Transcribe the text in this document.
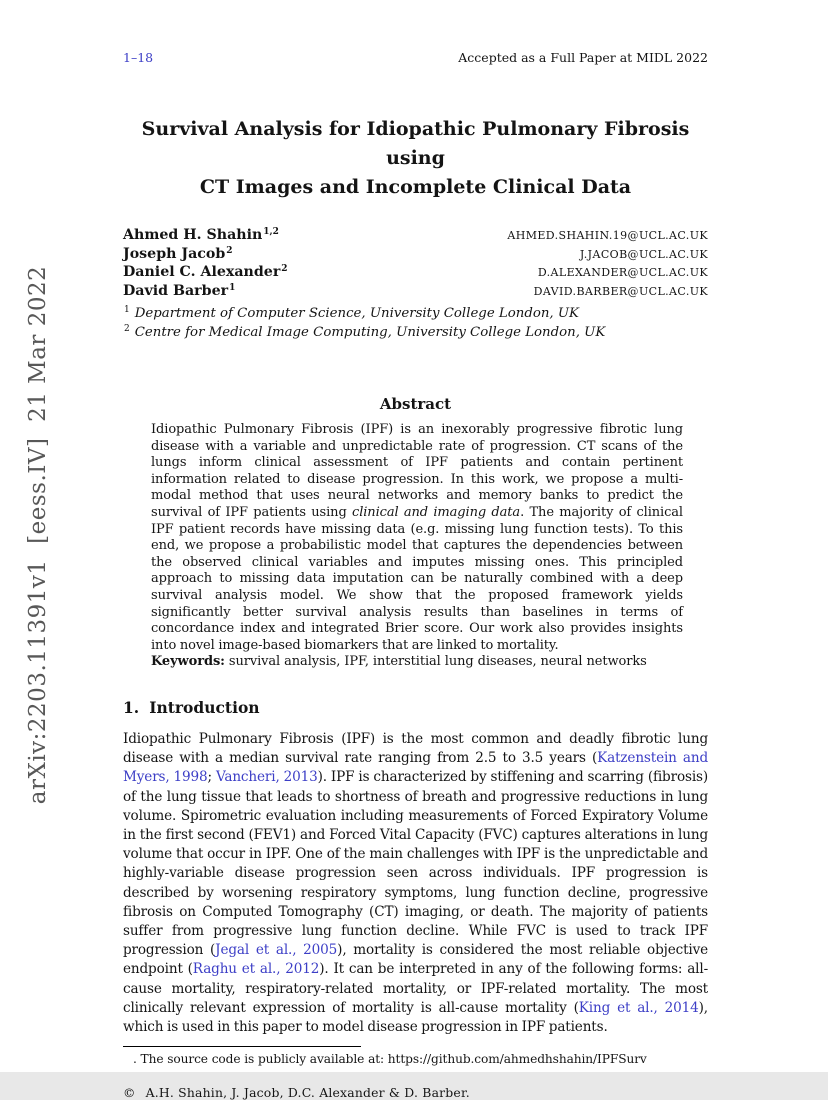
arXiv:2203.11391v1  [eess.IV]  21 Mar 2022
1–18	Accepted as a Full Paper at MIDL 2022
Survival Analysis for Idiopathic Pulmonary Fibrosis using
CT Images and Incomplete Clinical Data
Ahmed H. Shahin$^{1,2}$	AHMED.SHAHIN.19@UCL.AC.UK
Joseph Jacob$^2$	J.JACOB@UCL.AC.UK
Daniel C. Alexander$^2$	D.ALEXANDER@UCL.AC.UK
David Barber$^1$	DAVID.BARBER@UCL.AC.UK
$^1$ Department of Computer Science, University College London, UK
$^2$ Centre for Medical Image Computing, University College London, UK
Abstract
Idiopathic Pulmonary Fibrosis (IPF) is an inexorably progressive fibrotic lung disease with a variable and unpredictable rate of progression. CT scans of the lungs inform clinical assessment of IPF patients and contain pertinent information related to disease progression. In this work, we propose a multi-modal method that uses neural networks and memory banks to predict the survival of IPF patients using clinical and imaging data. The majority of clinical IPF patient records have missing data (e.g. missing lung function tests). To this end, we propose a probabilistic model that captures the dependencies between the observed clinical variables and imputes missing ones. This principled approach to missing data imputation can be naturally combined with a deep survival analysis model. We show that the proposed framework yields significantly better survival analysis results than baselines in terms of concordance index and integrated Brier score. Our work also provides insights into novel image-based biomarkers that are linked to mortality.
Keywords: survival analysis, IPF, interstitial lung diseases, neural networks
1. Introduction
Idiopathic Pulmonary Fibrosis (IPF) is the most common and deadly fibrotic lung disease with a median survival rate ranging from 2.5 to 3.5 years (Katzenstein and Myers, 1998; Vancheri, 2013). IPF is characterized by stiffening and scarring (fibrosis) of the lung tissue that leads to shortness of breath and progressive reductions in lung volume. Spirometric evaluation including measurements of Forced Expiratory Volume in the first second (FEV1) and Forced Vital Capacity (FVC) captures alterations in lung volume that occur in IPF. One of the main challenges with IPF is the unpredictable and highly-variable disease progression seen across individuals. IPF progression is described by worsening respiratory symptoms, lung function decline, progressive fibrosis on Computed Tomography (CT) imaging, or death. The majority of patients suffer from progressive lung function decline. While FVC is used to track IPF progression (Jegal et al., 2005), mortality is considered the most reliable objective endpoint (Raghu et al., 2012). It can be interpreted in any of the following forms: all-cause mortality, respiratory-related mortality, or IPF-related mortality. The most clinically relevant expression of mortality is all-cause mortality (King et al., 2014), which is used in this paper to model disease progression in IPF patients.
. The source code is publicly available at: https://github.com/ahmedhshahin/IPFSurv
© A.H. Shahin, J. Jacob, D.C. Alexander & D. Barber.
